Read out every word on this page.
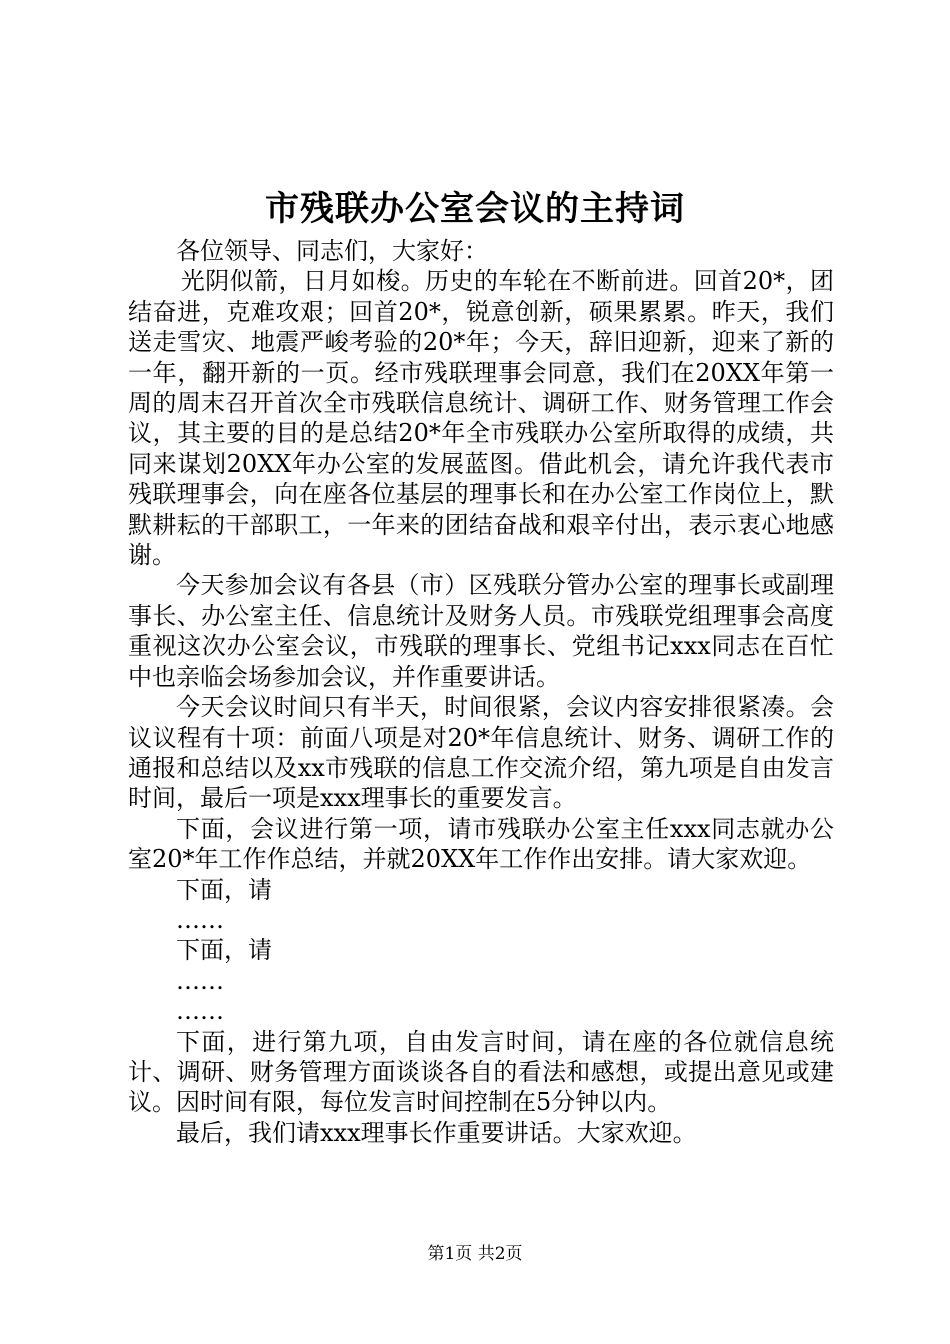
市残联办公室会议的主持词

各位领导、同志们，大家好：

光阴似箭，日月如梭。历史的车轮在不断前进。回首20*，团结奋进，克难攻艰；回首20*，锐意创新，硕果累累。昨天，我们送走雪灾、地震严峻考验的20*年；今天，辞旧迎新，迎来了新的一年，翻开新的一页。经市残联理事会同意，我们在20XX年第一周的周末召开首次全市残联信息统计、调研工作、财务管理工作会议，其主要的目的是总结20*年全市残联办公室所取得的成绩，共同来谋划20XX年办公室的发展蓝图。借此机会，请允许我代表市残联理事会，向在座各位基层的理事长和在办公室工作岗位上，默默耕耘的干部职工，一年来的团结奋战和艰辛付出，表示衷心地感谢。

今天参加会议有各县（市）区残联分管办公室的理事长或副理事长、办公室主任、信息统计及财务人员。市残联党组理事会高度重视这次办公室会议，市残联的理事长、党组书记xxx同志在百忙中也亲临会场参加会议，并作重要讲话。

今天会议时间只有半天，时间很紧，会议内容安排很紧凑。会议议程有十项：前面八项是对20*年信息统计、财务、调研工作的通报和总结以及xx市残联的信息工作交流介绍，第九项是自由发言时间，最后一项是xxx理事长的重要发言。

下面，会议进行第一项，请市残联办公室主任xxx同志就办公室20*年工作作总结，并就20XX年工作作出安排。请大家欢迎。

下面，请

……

下面，请

……

……

下面，进行第九项，自由发言时间，请在座的各位就信息统计、调研、财务管理方面谈谈各自的看法和感想，或提出意见或建议。因时间有限，每位发言时间控制在5分钟以内。

最后，我们请xxx理事长作重要讲话。大家欢迎。

第1页 共2页
